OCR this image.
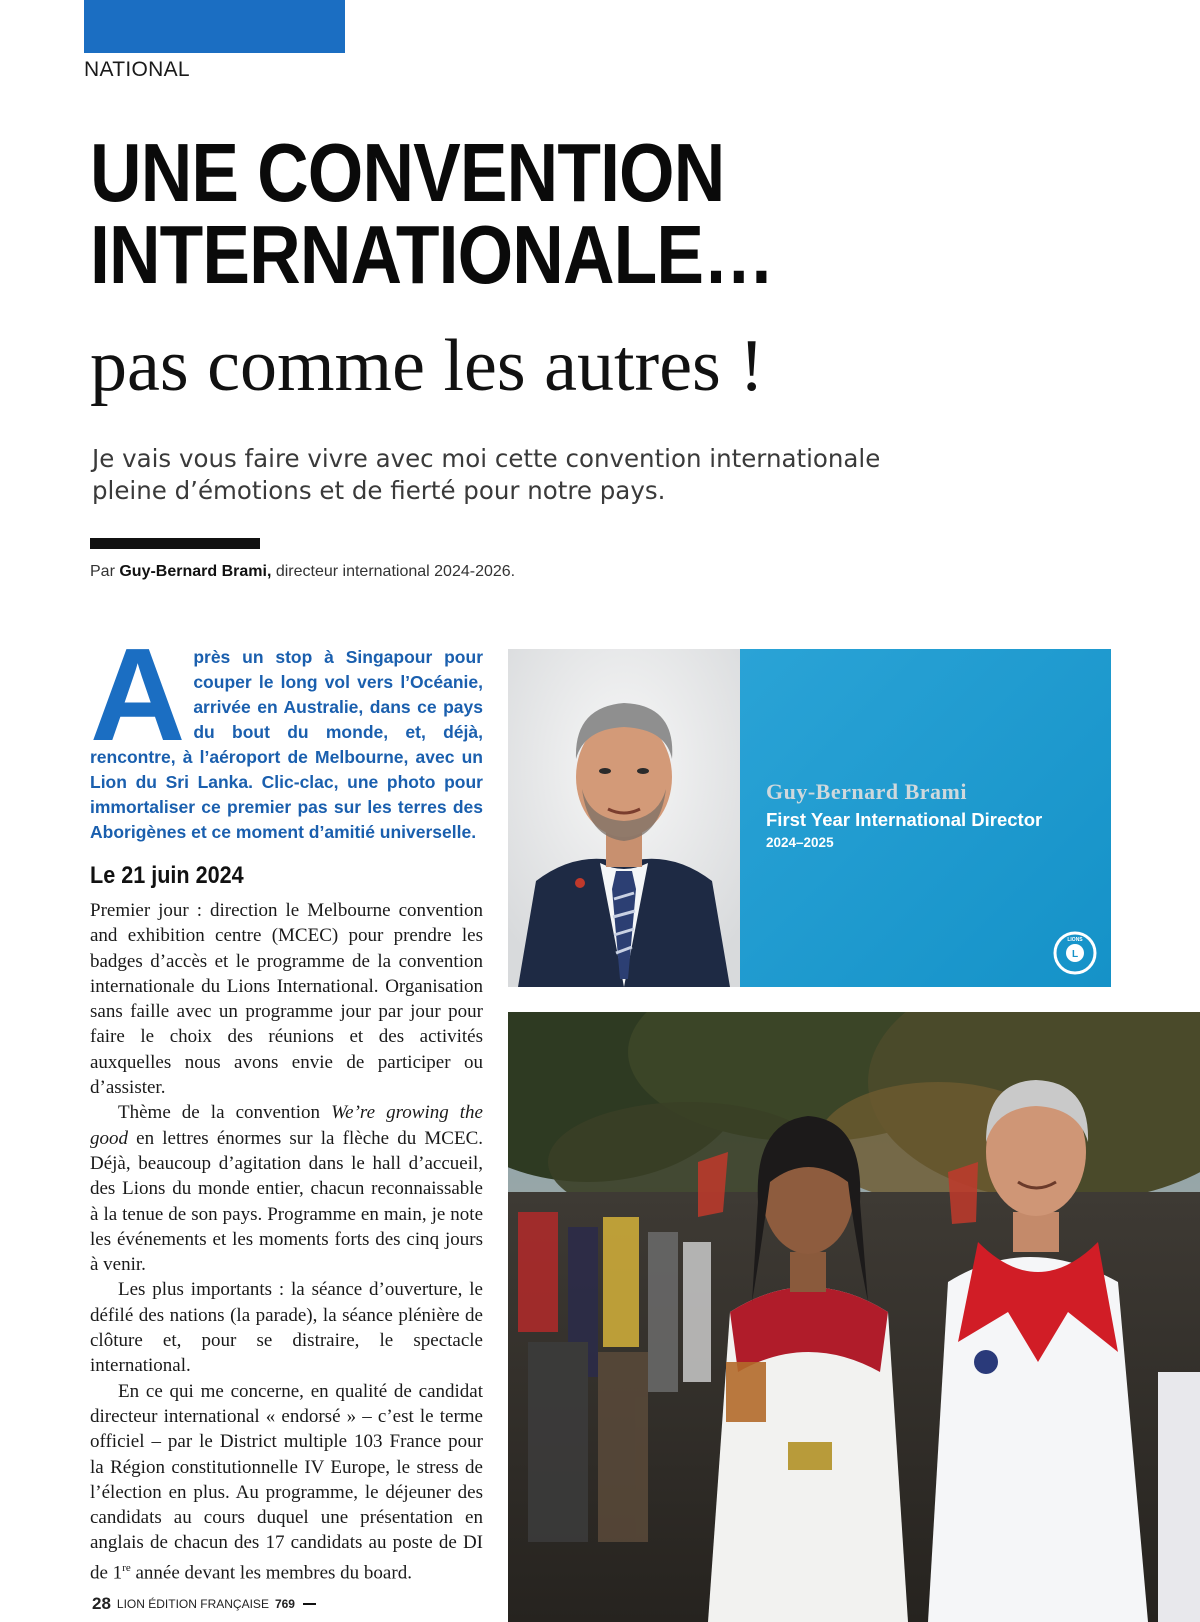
NATIONAL
UNE CONVENTION
INTERNATIONALE…
pas comme les autres !
Je vais vous faire vivre avec moi cette convention internationale pleine d’émotions et de fierté pour notre pays.
Par Guy-Bernard Brami, directeur international 2024-2026.
Après un stop à Singapour pour couper le long vol vers l’Océanie, arrivée en Australie, dans ce pays du bout du monde, et, déjà, rencontre, à l’aéroport de Melbourne, avec un Lion du Sri Lanka. Clic-clac, une photo pour immortaliser ce premier pas sur les terres des Aborigènes et ce moment d’amitié universelle.
Le 21 juin 2024

Premier jour : direction le Melbourne convention and exhibition centre (MCEC) pour prendre les badges d’accès et le programme de la convention internationale du Lions International. Organisation sans faille avec un programme jour par jour pour faire le choix des réunions et des activités auxquelles nous avons envie de participer ou d’assister.

Thème de la convention We’re growing the good en lettres énormes sur la flèche du MCEC. Déjà, beaucoup d’agitation dans le hall d’accueil, des Lions du monde entier, chacun reconnaissable à la tenue de son pays. Programme en main, je note les événements et les moments forts des cinq jours à venir.

Les plus importants : la séance d’ouverture, le défilé des nations (la parade), la séance plénière de clôture et, pour se distraire, le spectacle international.

En ce qui me concerne, en qualité de candidat directeur international « endorsé » – c’est le terme officiel – par le District multiple 103 France pour la Région constitutionnelle IV Europe, le stress de l’élection en plus. Au programme, le déjeuner des candidats au cours duquel une présentation en anglais de chacun des 17 candidats au poste de DI de 1re année devant les membres du board.

Guy-Bernard Brami
First Year International Director
2024–2025
L
LIONS
28 LION ÉDITION FRANÇAISE 769
